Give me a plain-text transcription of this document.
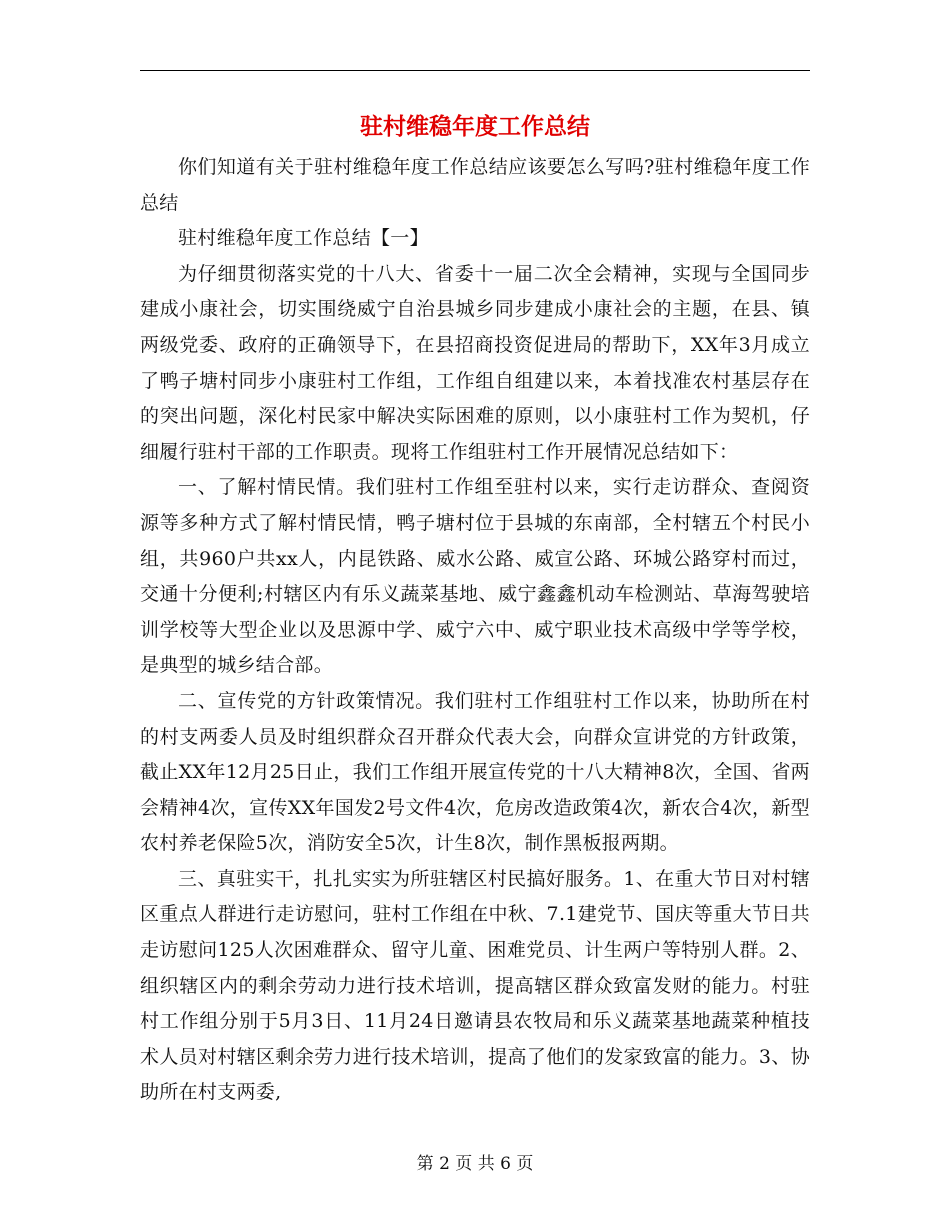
驻村维稳年度工作总结

你们知道有关于驻村维稳年度工作总结应该要怎么写吗?驻村维稳年度工作总结

驻村维稳年度工作总结【一】

为仔细贯彻落实党的十八大、省委十一届二次全会精神，实现与全国同步建成小康社会，切实围绕威宁自治县城乡同步建成小康社会的主题，在县、镇两级党委、政府的正确领导下，在县招商投资促进局的帮助下，XX年3月成立了鸭子塘村同步小康驻村工作组，工作组自组建以来，本着找准农村基层存在的突出问题，深化村民家中解决实际困难的原则，以小康驻村工作为契机，仔细履行驻村干部的工作职责。现将工作组驻村工作开展情况总结如下：

一、了解村情民情。我们驻村工作组至驻村以来，实行走访群众、查阅资源等多种方式了解村情民情，鸭子塘村位于县城的东南部，全村辖五个村民小组，共960户共xx人，内昆铁路、威水公路、威宣公路、环城公路穿村而过，交通十分便利;村辖区内有乐义蔬菜基地、威宁鑫鑫机动车检测站、草海驾驶培训学校等大型企业以及思源中学、威宁六中、威宁职业技术高级中学等学校，是典型的城乡结合部。

二、宣传党的方针政策情况。我们驻村工作组驻村工作以来，协助所在村的村支两委人员及时组织群众召开群众代表大会，向群众宣讲党的方针政策，截止XX年12月25日止，我们工作组开展宣传党的十八大精神8次，全国、省两会精神4次，宣传XX年国发2号文件4次，危房改造政策4次，新农合4次，新型农村养老保险5次，消防安全5次，计生8次，制作黑板报两期。

三、真驻实干，扎扎实实为所驻辖区村民搞好服务。1、在重大节日对村辖区重点人群进行走访慰问，驻村工作组在中秋、7.1建党节、国庆等重大节日共走访慰问125人次困难群众、留守儿童、困难党员、计生两户等特别人群。2、组织辖区内的剩余劳动力进行技术培训，提高辖区群众致富发财的能力。村驻村工作组分别于5月3日、11月24日邀请县农牧局和乐义蔬菜基地蔬菜种植技术人员对村辖区剩余劳力进行技术培训，提高了他们的发家致富的能力。3、协助所在村支两委,

第 2 页 共 6 页
